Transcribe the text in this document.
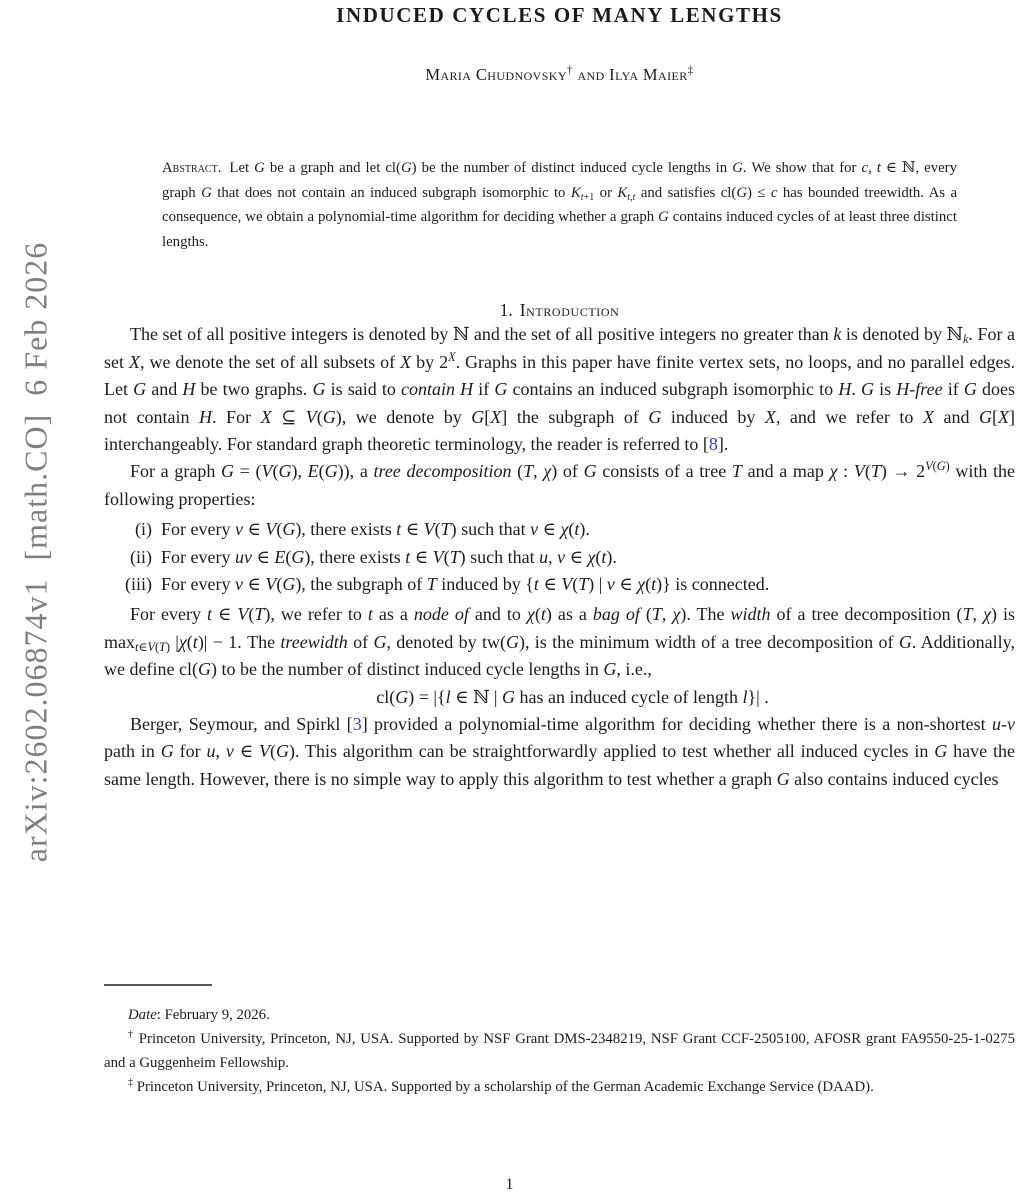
arXiv:2602.06874v1  [math.CO]  6 Feb 2026
INDUCED CYCLES OF MANY LENGTHS
Maria Chudnovsky† and Ilya Maier‡
Abstract. Let G be a graph and let cl(G) be the number of distinct induced cycle lengths in G. We show that for c, t ∈ ℕ, every graph G that does not contain an induced subgraph isomorphic to $K_{t+1}$ or $K_{t,t}$ and satisfies cl(G) ≤ c has bounded treewidth. As a consequence, we obtain a polynomial-time algorithm for deciding whether a graph G contains induced cycles of at least three distinct lengths.
1. Introduction

The set of all positive integers is denoted by ℕ and the set of all positive integers no greater than k is denoted by ℕ$_k$. For a set X, we denote the set of all subsets of X by $2^X$. Graphs in this paper have finite vertex sets, no loops, and no parallel edges. Let G and H be two graphs. G is said to contain H if G contains an induced subgraph isomorphic to H. G is H-free if G does not contain H. For X ⊆ V(G), we denote by G[X] the subgraph of G induced by X, and we refer to X and G[X] interchangeably. For standard graph theoretic terminology, the reader is referred to [8].

For a graph G = (V(G), E(G)), a tree decomposition (T, χ) of G consists of a tree T and a map χ : $V(T) \to 2^{V(G)}$ with the following properties:

(i) For every v ∈ V(G), there exists t ∈ V(T) such that v ∈ χ(t).
(ii) For every uv ∈ E(G), there exists t ∈ V(T) such that u, v ∈ χ(t).
(iii) For every v ∈ V(G), the subgraph of T induced by {t ∈ V(T) | v ∈ χ(t)} is connected.

For every t ∈ V(T), we refer to t as a node of and to χ(t) as a bag of (T, χ). The width of a tree decomposition (T, χ) is $\max_{t\in V(T)} |\chi(t)| - 1$. The treewidth of G, denoted by tw(G), is the minimum width of a tree decomposition of G. Additionally, we define cl(G) to be the number of distinct induced cycle lengths in G, i.e.,

cl(G) = |{l ∈ ℕ | G has an induced cycle of length l}| .

Berger, Seymour, and Spirkl [3] provided a polynomial-time algorithm for deciding whether there is a non-shortest u-v path in G for u, v ∈ V(G). This algorithm can be straightforwardly applied to test whether all induced cycles in G have the same length. However, there is no simple way to apply this algorithm to test whether a graph G also contains induced cycles

Date: February 9, 2026.

† Princeton University, Princeton, NJ, USA. Supported by NSF Grant DMS-2348219, NSF Grant CCF-2505100, AFOSR grant FA9550-25-1-0275 and a Guggenheim Fellowship.

‡ Princeton University, Princeton, NJ, USA. Supported by a scholarship of the German Academic Exchange Service (DAAD).

1
